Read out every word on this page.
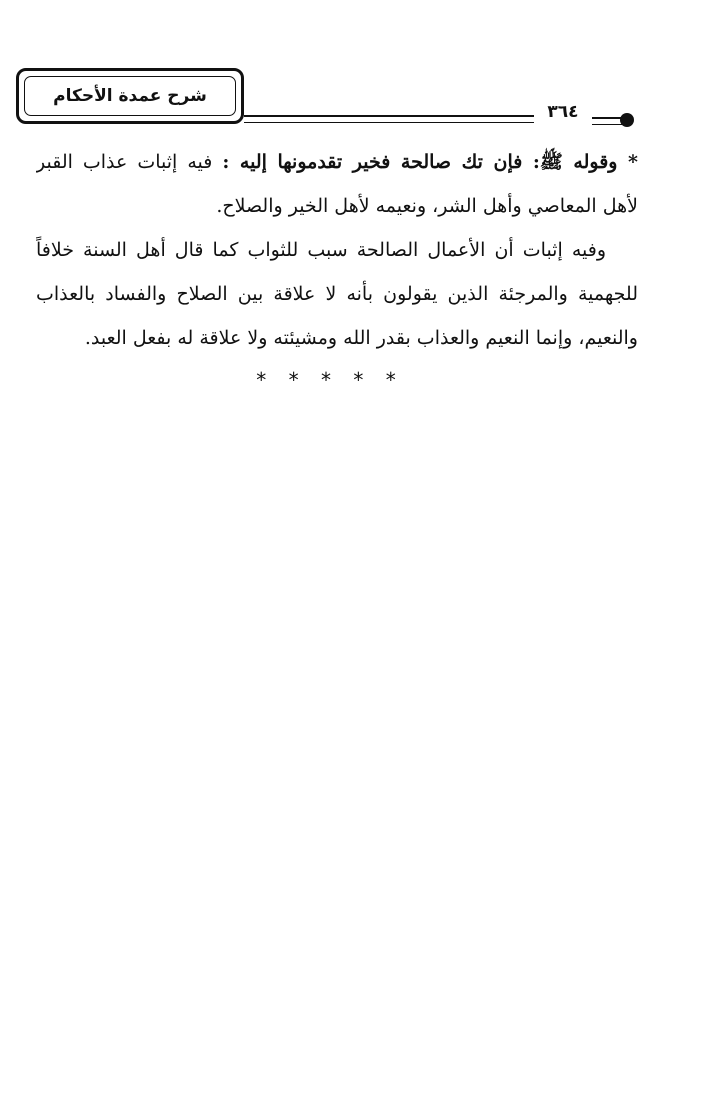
شرح عمدة الأحكام
٣٦٤
* وقوله ﷺ: فإن تك صالحة فخير تقدمونها إليه : فيه إثبات عذاب القبر
لأهل المعاصي وأهل الشر، ونعيمه لأهل الخير والصلاح.
وفيه إثبات أن الأعمال الصالحة سبب للثواب كما قال أهل السنة خلافاً
للجهمية والمرجئة الذين يقولون بأنه لا علاقة بين الصلاح والفساد بالعذاب
والنعيم، وإنما النعيم والعذاب بقدر الله ومشيئته ولا علاقة له بفعل العبد.
* * * * *
